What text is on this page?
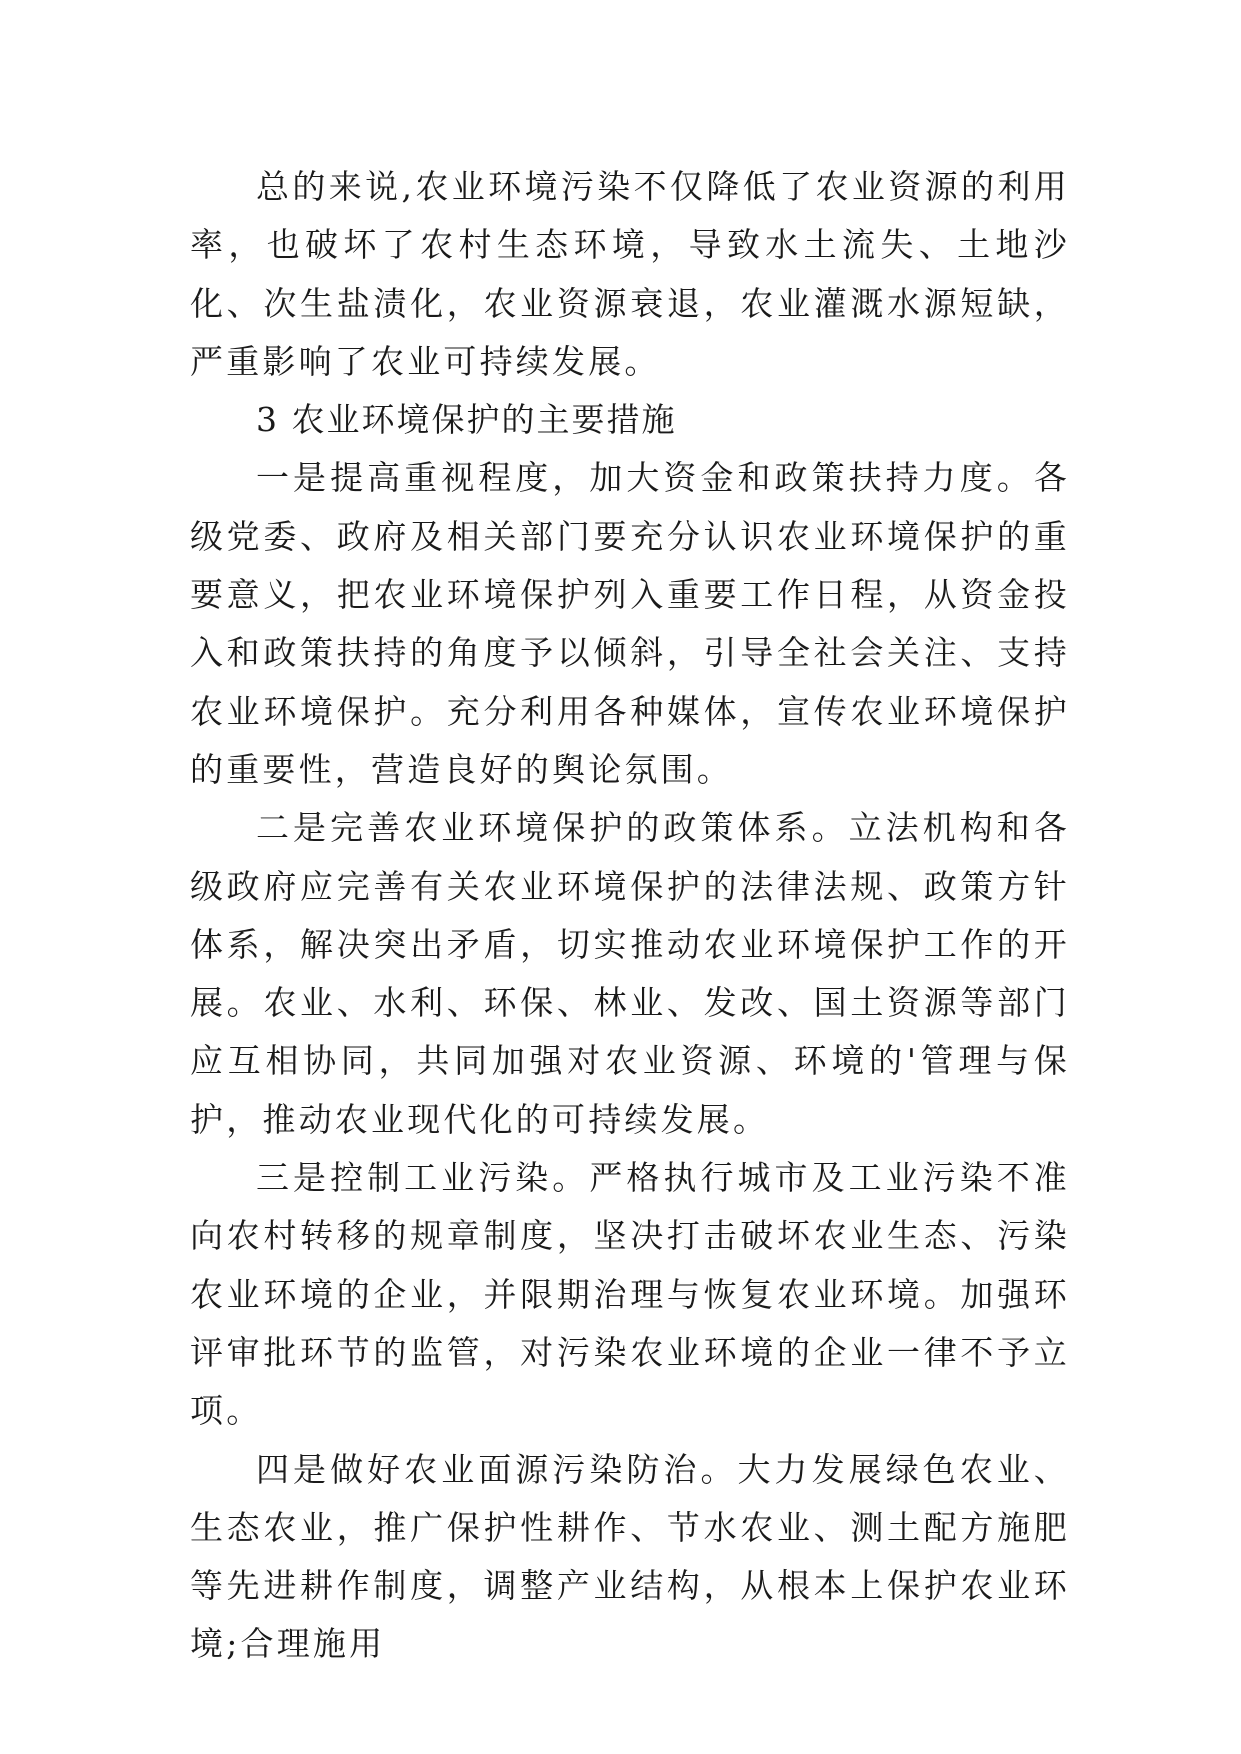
总的来说,农业环境污染不仅降低了农业资源的利用率，也破坏了农村生态环境，导致水土流失、土地沙化、次生盐渍化，农业资源衰退，农业灌溉水源短缺，严重影响了农业可持续发展。

3 农业环境保护的主要措施

一是提高重视程度，加大资金和政策扶持力度。各级党委、政府及相关部门要充分认识农业环境保护的重要意义，把农业环境保护列入重要工作日程，从资金投入和政策扶持的角度予以倾斜，引导全社会关注、支持农业环境保护。充分利用各种媒体，宣传农业环境保护的重要性，营造良好的舆论氛围。

二是完善农业环境保护的政策体系。立法机构和各级政府应完善有关农业环境保护的法律法规、政策方针体系，解决突出矛盾，切实推动农业环境保护工作的开展。农业、水利、环保、林业、发改、国土资源等部门应互相协同，共同加强对农业资源、环境的'管理与保护，推动农业现代化的可持续发展。

三是控制工业污染。严格执行城市及工业污染不准向农村转移的规章制度，坚决打击破坏农业生态、污染农业环境的企业，并限期治理与恢复农业环境。加强环评审批环节的监管，对污染农业环境的企业一律不予立项。

四是做好农业面源污染防治。大力发展绿色农业、生态农业，推广保护性耕作、节水农业、测土配方施肥等先进耕作制度，调整产业结构，从根本上保护农业环境;合理施用
